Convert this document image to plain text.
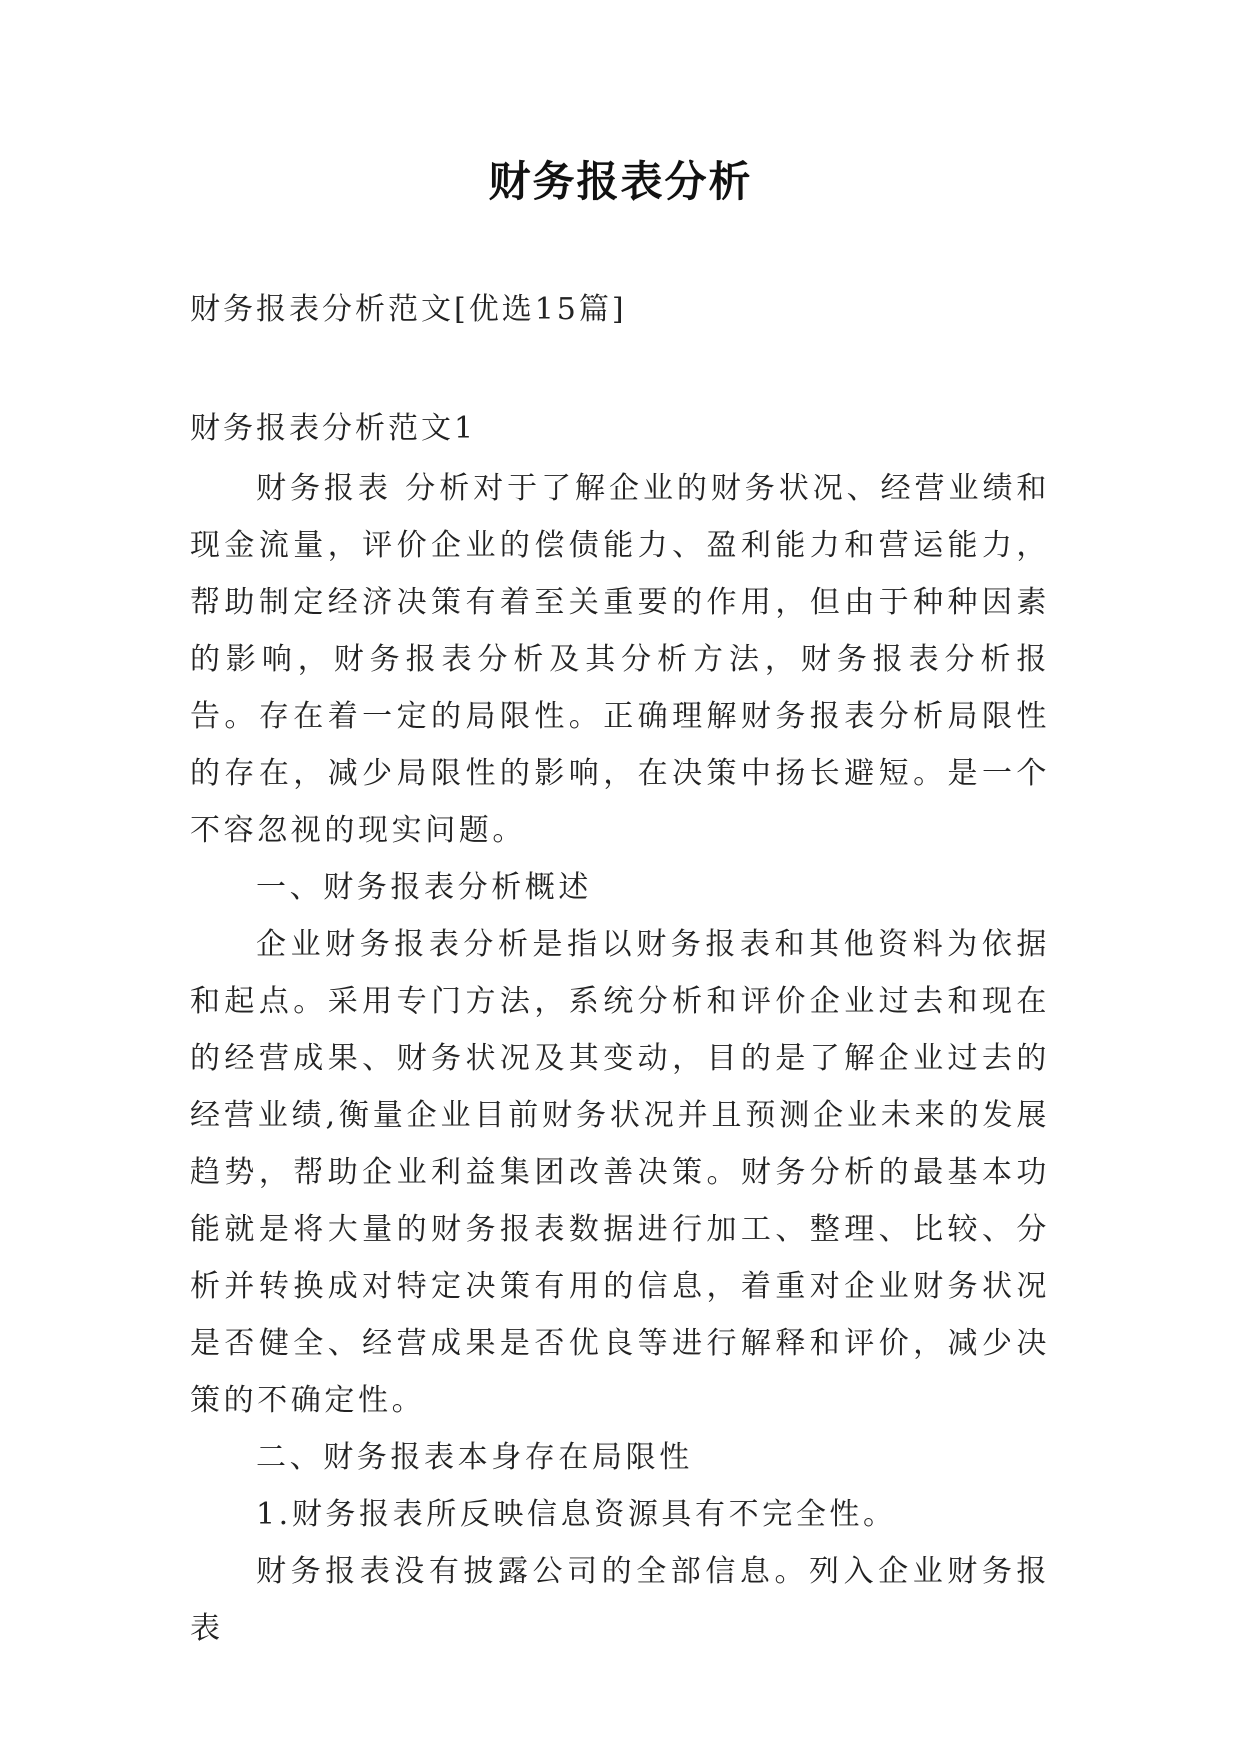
财务报表分析
财务报表分析范文[优选15篇]
财务报表分析范文1

财务报表 分析对于了解企业的财务状况、经营业绩和现金流量，评价企业的偿债能力、盈利能力和营运能力，帮助制定经济决策有着至关重要的作用，但由于种种因素的影响，财务报表分析及其分析方法，财务报表分析报告。存在着一定的局限性。正确理解财务报表分析局限性的存在，减少局限性的影响，在决策中扬长避短。是一个不容忽视的现实问题。

一、财务报表分析概述

企业财务报表分析是指以财务报表和其他资料为依据和起点。采用专门方法，系统分析和评价企业过去和现在的经营成果、财务状况及其变动，目的是了解企业过去的经营业绩,衡量企业目前财务状况并且预测企业未来的发展趋势，帮助企业利益集团改善决策。财务分析的最基本功能就是将大量的财务报表数据进行加工、整理、比较、分析并转换成对特定决策有用的信息，着重对企业财务状况是否健全、经营成果是否优良等进行解释和评价，减少决策的不确定性。

二、财务报表本身存在局限性

1.财务报表所反映信息资源具有不完全性。

财务报表没有披露公司的全部信息。列入企业财务报表
